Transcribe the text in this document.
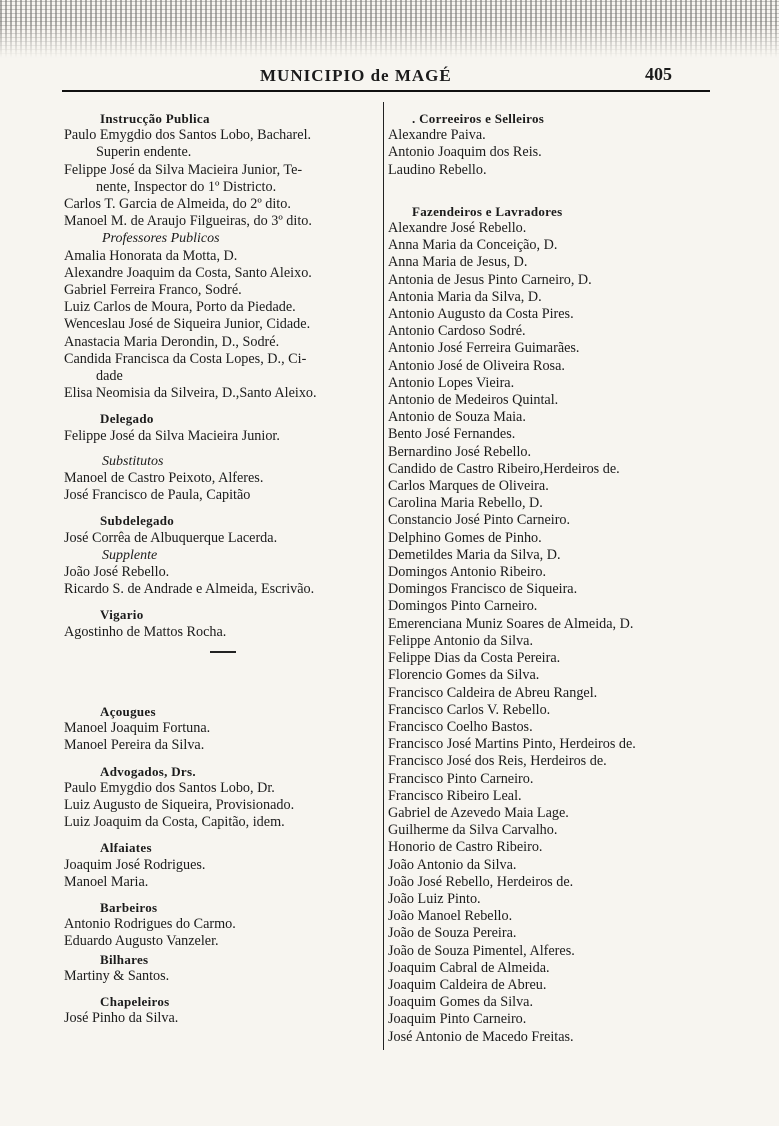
MUNICIPIO de MAGÉ	405
Instrucção Publica
Paulo Emygdio dos Santos Lobo, Bacharel.
Superin endente.
Felippe José da Silva Macieira Junior, Te-
nente, Inspector do 1º Districto.
Carlos T. Garcia de Almeida, do 2º dito.
Manoel M. de Araujo Filgueiras, do 3º dito.
Professores Publicos
Amalia Honorata da Motta, D.
Alexandre Joaquim da Costa, Santo Aleixo.
Gabriel Ferreira Franco, Sodré.
Luiz Carlos de Moura, Porto da Piedade.
Wenceslau José de Siqueira Junior, Cidade.
Anastacia Maria Derondin, D., Sodré.
Candida Francisca da Costa Lopes, D., Ci-
dade
Elisa Neomisia da Silveira, D.,Santo Aleixo.
Delegado
Felippe José da Silva Macieira Junior.
Substitutos
Manoel de Castro Peixoto, Alferes.
José Francisco de Paula, Capitão
Subdelegado
José Corrêa de Albuquerque Lacerda.
Supplente
João José Rebello.
Ricardo S. de Andrade e Almeida, Escrivão.
Vigario
Agostinho de Mattos Rocha.
Açougues
Manoel Joaquim Fortuna.
Manoel Pereira da Silva.
Advogados, Drs.
Paulo Emygdio dos Santos Lobo, Dr.
Luiz Augusto de Siqueira, Provisionado.
Luiz Joaquim da Costa, Capitão, idem.
Alfaiates
Joaquim José Rodrigues.
Manoel Maria.
Barbeiros
Antonio Rodrigues do Carmo.
Eduardo Augusto Vanzeler.
Bilhares
Martiny & Santos.
Chapeleiros
José Pinho da Silva.
. Correeiros e Selleiros
Alexandre Paiva.
Antonio Joaquim dos Reis.
Laudino Rebello.
Fazendeiros e Lavradores
Alexandre José Rebello.
Anna Maria da Conceição, D.
Anna Maria de Jesus, D.
Antonia de Jesus Pinto Carneiro, D.
Antonia Maria da Silva, D.
Antonio Augusto da Costa Pires.
Antonio Cardoso Sodré.
Antonio José Ferreira Guimarães.
Antonio José de Oliveira Rosa.
Antonio Lopes Vieira.
Antonio de Medeiros Quintal.
Antonio de Souza Maia.
Bento José Fernandes.
Bernardino José Rebello.
Candido de Castro Ribeiro,Herdeiros de.
Carlos Marques de Oliveira.
Carolina Maria Rebello, D.
Constancio José Pinto Carneiro.
Delphino Gomes de Pinho.
Demetildes Maria da Silva, D.
Domingos Antonio Ribeiro.
Domingos Francisco de Siqueira.
Domingos Pinto Carneiro.
Emerenciana Muniz Soares de Almeida, D.
Felippe Antonio da Silva.
Felippe Dias da Costa Pereira.
Florencio Gomes da Silva.
Francisco Caldeira de Abreu Rangel.
Francisco Carlos V. Rebello.
Francisco Coelho Bastos.
Francisco José Martins Pinto, Herdeiros de.
Francisco José dos Reis, Herdeiros de.
Francisco Pinto Carneiro.
Francisco Ribeiro Leal.
Gabriel de Azevedo Maia Lage.
Guilherme da Silva Carvalho.
Honorio de Castro Ribeiro.
João Antonio da Silva.
João José Rebello, Herdeiros de.
João Luiz Pinto.
João Manoel Rebello.
João de Souza Pereira.
João de Souza Pimentel, Alferes.
Joaquim Cabral de Almeida.
Joaquim Caldeira de Abreu.
Joaquim Gomes da Silva.
Joaquim Pinto Carneiro.
José Antonio de Macedo Freitas.
